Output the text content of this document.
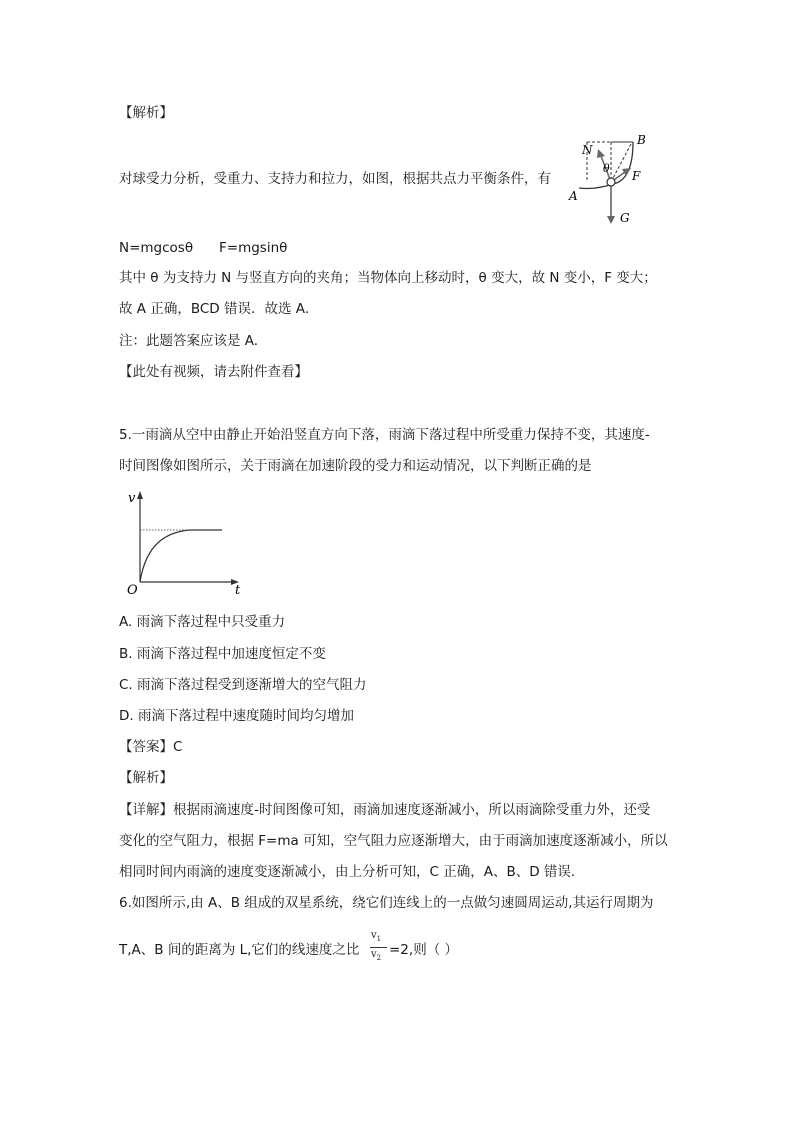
【解析】
对球受力分析，受重力、支持力和拉力，如图，根据共点力平衡条件，有
B
N
θ
F
A
G
N=mgcosθ F=mgsinθ
其中 θ 为支持力 N 与竖直方向的夹角；当物体向上移动时，θ 变大，故 N 变小，F 变大；
故 A 正确，BCD 错误．故选 A．
注：此题答案应该是 A.
【此处有视频，请去附件查看】
5.一雨滴从空中由静止开始沿竖直方向下落，雨滴下落过程中所受重力保持不变，其速度-
时间图像如图所示，关于雨滴在加速阶段的受力和运动情况，以下判断正确的是
v
t
O
A. 雨滴下落过程中只受重力
B. 雨滴下落过程中加速度恒定不变
C. 雨滴下落过程受到逐渐增大的空气阻力
D. 雨滴下落过程中速度随时间均匀增加
【答案】C
【解析】
【详解】根据雨滴速度-时间图像可知，雨滴加速度逐渐减小，所以雨滴除受重力外，还受
变化的空气阻力，根据 F=ma 可知，空气阻力应逐渐增大，由于雨滴加速度逐渐减小，所以
相同时间内雨滴的速度变逐渐减小，由上分析可知，C 正确，A、B、D 错误．
6.如图所示,由 A、B 组成的双星系统，绕它们连线上的一点做匀速圆周运动,其运行周期为
T,A、B 间的距离为 L,它们的线速度之比
$v_1$
$v_2 =2$,则（ ）
